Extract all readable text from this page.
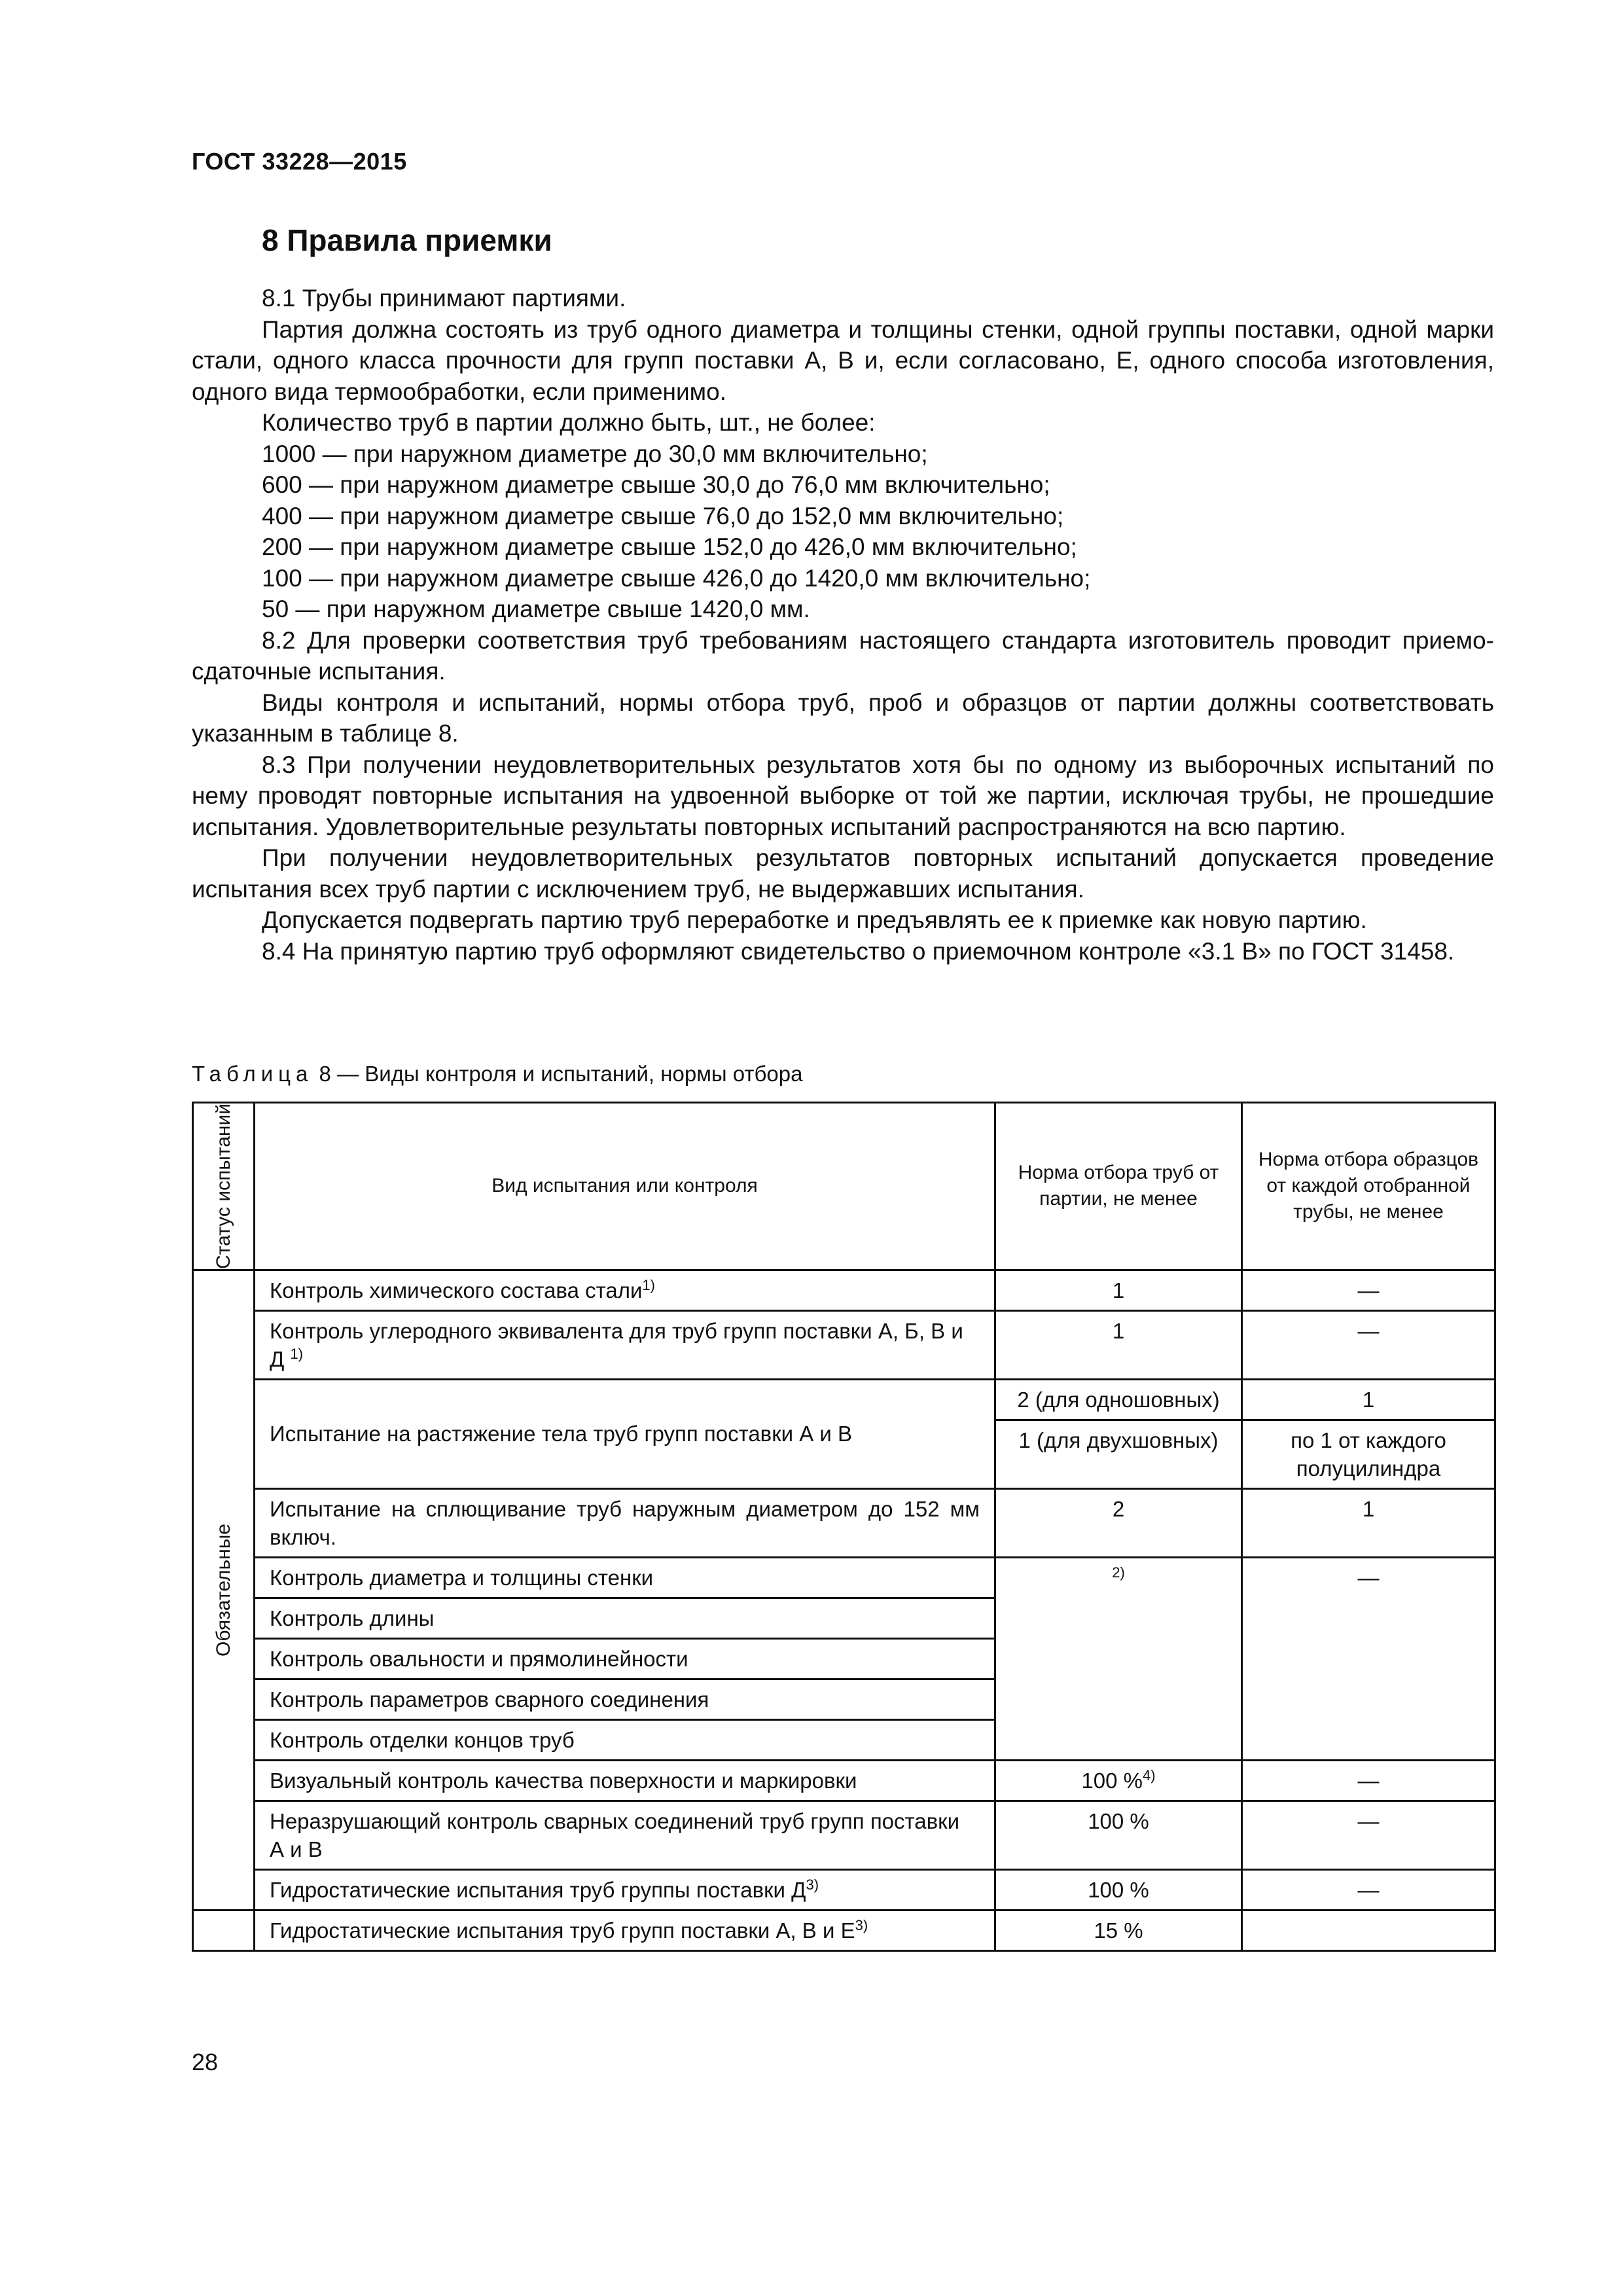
ГОСТ 33228—2015
8 Правила приемки

8.1 Трубы принимают партиями.

Партия должна состоять из труб одного диаметра и толщины стенки, одной группы поставки, одной марки стали, одного класса прочности для групп поставки А, В и, если согласовано, Е, одного способа изготовления, одного вида термообработки, если применимо.

Количество труб в партии должно быть, шт., не более:

1000 — при наружном диаметре до 30,0 мм включительно;

600 — при наружном диаметре свыше 30,0 до 76,0 мм включительно;

400 — при наружном диаметре свыше 76,0 до 152,0 мм включительно;

200 — при наружном диаметре свыше 152,0 до 426,0 мм включительно;

100 — при наружном диаметре свыше 426,0 до 1420,0 мм включительно;

50 — при наружном диаметре свыше 1420,0 мм.

8.2 Для проверки соответствия труб требованиям настоящего стандарта изготовитель проводит приемо-сдаточные испытания.

Виды контроля и испытаний, нормы отбора труб, проб и образцов от партии должны соответствовать указанным в таблице 8.

8.3 При получении неудовлетворительных результатов хотя бы по одному из выборочных испытаний по нему проводят повторные испытания на удвоенной выборке от той же партии, исключая трубы, не прошедшие испытания. Удовлетворительные результаты повторных испытаний распространяются на всю партию.

При получении неудовлетворительных результатов повторных испытаний допускается проведение испытания всех труб партии с исключением труб, не выдержавших испытания.

Допускается подвергать партию труб переработке и предъявлять ее к приемке как новую партию.

8.4 На принятую партию труб оформляют свидетельство о приемочном контроле «3.1 В» по ГОСТ 31458.

Таблица 8 — Виды контроля и испытаний, нормы отбора
Статус испытаний	Вид испытания или контроля	Норма отбора труб от партии, не менее	Норма отбора образцов от каждой отобранной трубы, не менее

Обязательные	Контроль химического состава стали$^{1)}$	1	—
	Контроль углеродного эквивалента для труб групп поставки А, Б, В и Д $^{1)}$	1	—
	Испытание на растяжение тела труб групп поставки А и В	2 (для одношовных)	1
		1 (для двухшовных)	по 1 от каждого полуцилиндра
	Испытание на сплющивание труб наружным диаметром до 152 мм включ.	2	1
	Контроль диаметра и толщины стенки	$^{2)}$	—
	Контроль длины		
	Контроль овальности и прямолинейности		
	Контроль параметров сварного соединения		
	Контроль отделки концов труб		
	Визуальный контроль качества поверхности и маркировки	100 %$^{4)}$	—
	Неразрушающий контроль сварных соединений труб групп поставки А и В	100 %	—
	Гидростатические испытания труб группы поставки $Д^{3)}$	100 %	—
	Гидростатические испытания труб групп поставки А, В и $Е^{3)}$	15 %	
28
